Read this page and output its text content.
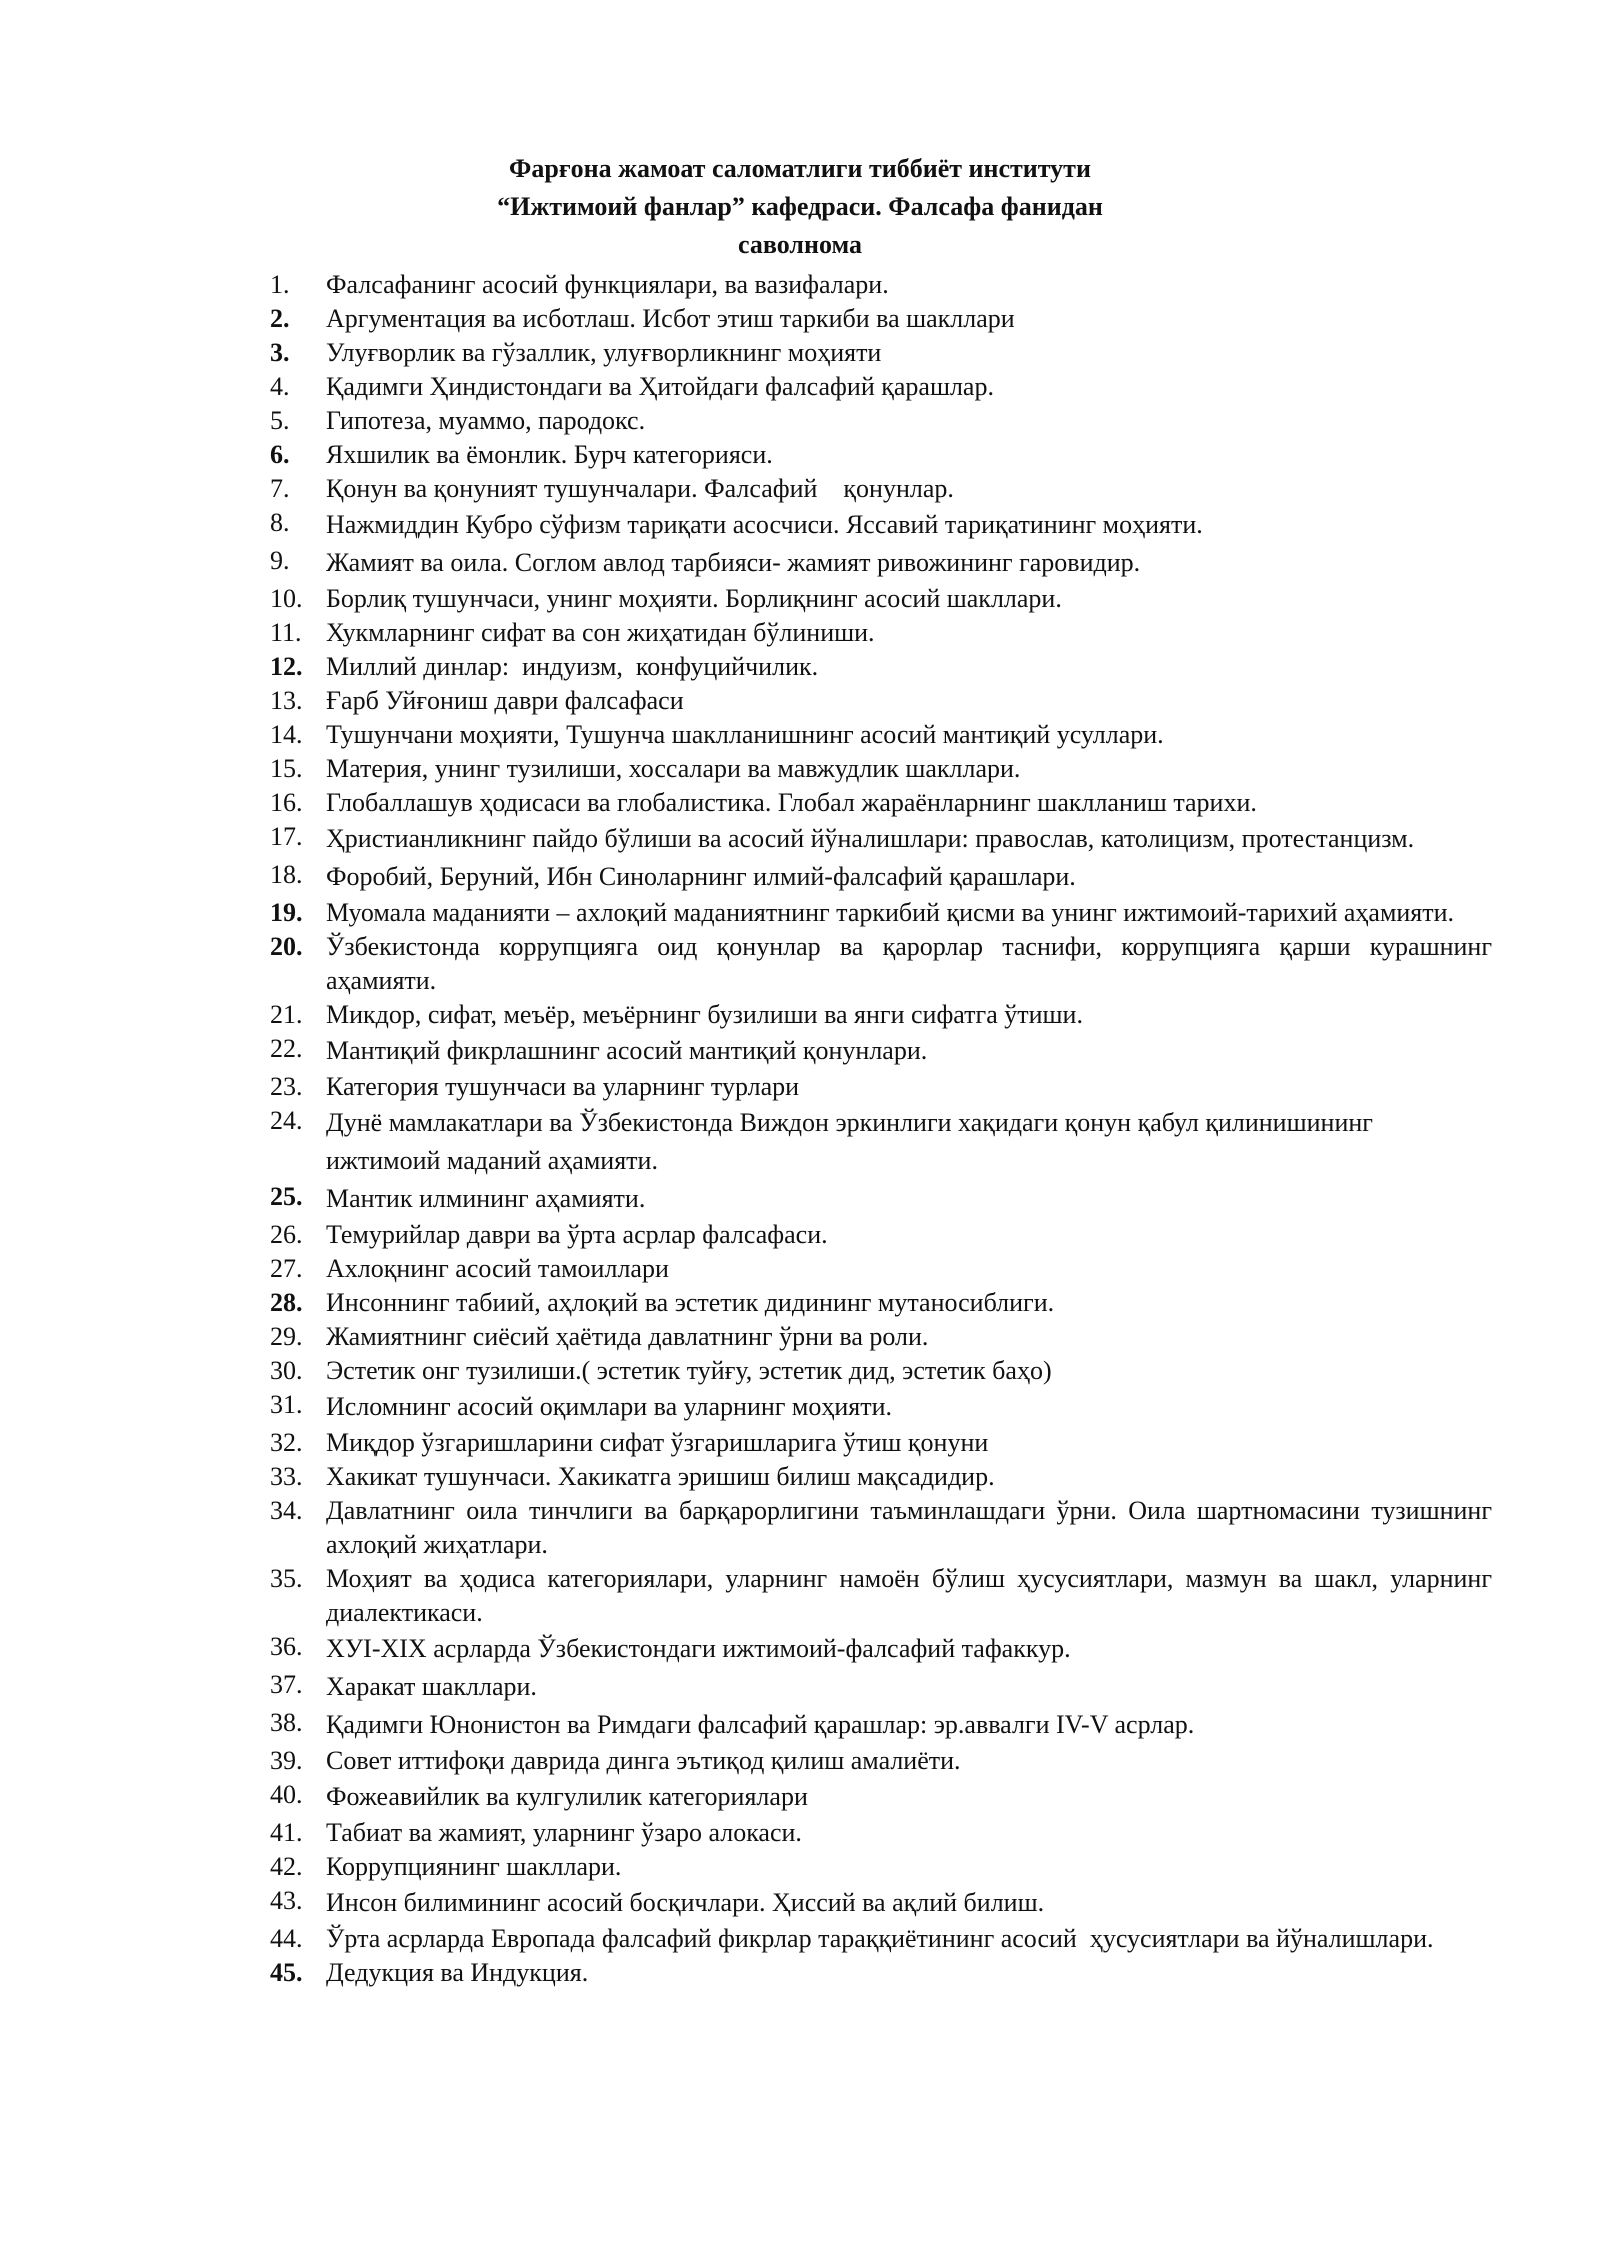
Фарғона жамоат саломатлиги тиббиёт институти
“Ижтимоий фанлар” кафедраси. Фалсафа фанидан
саволнома
1.	Фалсафанинг асосий функциялари, ва вазифалари.
2.	Аргументация ва исботлаш. Исбот этиш таркиби ва шакллари
3.	Улуғворлик ва гўзаллик, улуғворликнинг моҳияти
4.	Қадимги Ҳиндистондаги ва Ҳитойдаги фалсафий қарашлар.
5.	Гипотеза, муаммо, пародокс.
6.	Яхшилик ва ёмонлик. Бурч категорияси.
7.	Қонун ва қонуният тушунчалари. Фалсафий    қонунлар.
8.	Нажмиддин Кубро сўфизм тариқати асосчиси. Яссавий тариқатининг моҳияти.
9.	Жамият ва оила. Соглом авлод тарбияси- жамият ривожининг гаровидир.
10. Борлиқ тушунчаси, унинг моҳияти. Борлиқнинг асосий шакллари.
11. Хукмларнинг сифат ва сон жиҳатидан бўлиниши.
12. Миллий динлар:  индуизм,  конфуцийчилик.
13. Ғарб Уйғониш даври фалсафаси
14. Тушунчани моҳияти, Тушунча шаклланишнинг асосий мантиқий усуллари.
15. Материя, унинг тузилиши, хоссалари ва мавжудлик шакллари.
16. Глобаллашув ҳодисаси ва глобалистика. Глобал жараёнларнинг шаклланиш тарихи.
17. Ҳристианликнинг пайдо бўлиши ва асосий йўналишлари: православ, католицизм, протестанцизм.
18. Форобий, Беруний, Ибн Синоларнинг илмий-фалсафий қарашлари.
19. Муомала маданияти – ахлоқий маданиятнинг таркибий қисми ва унинг ижтимоий-тарихий аҳамияти.
20. Ўзбекистонда коррупцияга оид қонунлар ва қарорлар таснифи, коррупцияга қарши курашнинг аҳамияти.
21. Микдор, сифат, меъёр, меъёрнинг бузилиши ва янги сифатга ўтиши.
22. Мантиқий фикрлашнинг асосий мантиқий қонунлари.
23. Категория тушунчаси ва уларнинг турлари
24. Дунё мамлакатлари ва Ўзбекистонда Виждон эркинлиги хақидаги қонун қабул қилинишининг ижтимоий маданий аҳамияти.
25. Мантик илмининг аҳамияти.
26. Темурийлар даври ва ўрта асрлар фалсафаси.
27. Ахлоқнинг асосий тамоиллари
28. Инсоннинг табиий, аҳлоқий ва эстетик дидининг мутаносиблиги.
29. Жамиятнинг сиёсий ҳаётида давлатнинг ўрни ва роли.
30. Эстетик онг тузилиши.( эстетик туйғу, эстетик дид, эстетик баҳо)
31. Исломнинг асосий оқимлари ва уларнинг моҳияти.
32. Миқдор ўзгаришларини сифат ўзгаришларига ўтиш қонуни
33. Хакикат тушунчаси. Хакикатга эришиш билиш мақсадидир.
34. Давлатнинг оила тинчлиги ва барқарорлигини таъминлашдаги ўрни. Оила шартномасини тузишнинг ахлоқий жиҳатлари.
35. Моҳият ва ҳодиса категориялари, уларнинг намоён бўлиш ҳусусиятлари, мазмун ва шакл, уларнинг диалектикаси.
36. ХУI-XIX асрларда Ўзбекистондаги ижтимоий-фалсафий тафаккур.
37. Харакат шакллари.
38. Қадимги Юнонистон ва Римдаги фалсафий қарашлар: эр.аввалги IV-V асрлар.
39. Совет иттифоқи даврида динга эътиқод қилиш амалиёти.
40. Фожеавийлик ва кулгулилик категориялари
41. Табиат ва жамият, уларнинг ўзаро алокаси.
42. Коррупциянинг шакллари.
43. Инсон билимининг асосий босқичлари. Ҳиссий ва ақлий билиш.
44. Ўрта асрларда Европада фалсафий фикрлар тараққиётининг асосий  ҳусусиятлари ва йўналишлари.
45. Дедукция ва Индукция.
